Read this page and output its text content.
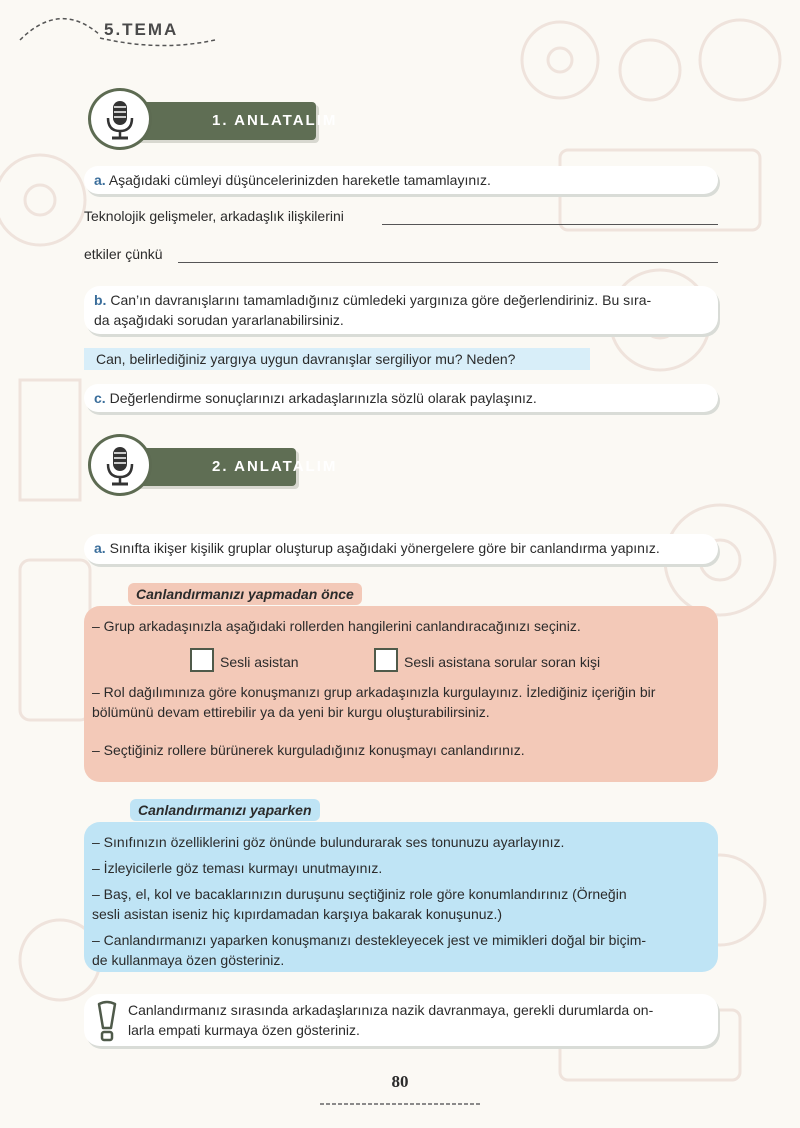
5.TEMA
1. ANLATALIM
a. Aşağıdaki cümleyi düşüncelerinizden hareketle tamamlayınız.
Teknolojik gelişmeler, arkadaşlık ilişkilerini
etkiler çünkü
b. Can’ın davranışlarını tamamladığınız cümledeki yargınıza göre değerlendiriniz. Bu sıra-
da aşağıdaki sorudan yararlanabilirsiniz.
Can, belirlediğiniz yargıya uygun davranışlar sergiliyor mu? Neden?
c. Değerlendirme sonuçlarınızı arkadaşlarınızla sözlü olarak paylaşınız.
2. ANLATALIM
a. Sınıfta ikişer kişilik gruplar oluşturup aşağıdaki yönergelere göre bir canlandırma yapınız.

– Grup arkadaşınızla aşağıdaki rollerden hangilerini canlandıracağınızı seçiniz.

Sesli asistan	Sesli asistana sorular soran kişi

– Rol dağılımınıza göre konuşmanızı grup arkadaşınızla kurgulayınız. İzlediğiniz içeriğin bir
bölümünü devam ettirebilir ya da yeni bir kurgu oluşturabilirsiniz.

– Seçtiğiniz rollere bürünerek kurguladığınız konuşmayı canlandırınız.

Canlandırmanızı yapmadan önce

– Sınıfınızın özelliklerini göz önünde bulundurarak ses tonunuzu ayarlayınız.

– İzleyicilerle göz teması kurmayı unutmayınız.

– Baş, el, kol ve bacaklarınızın duruşunu seçtiğiniz role göre konumlandırınız (Örneğin
sesli asistan iseniz hiç kıpırdamadan karşıya bakarak konuşunuz.)

– Canlandırmanızı yaparken konuşmanızı destekleyecek jest ve mimikleri doğal bir biçim-
de kullanmaya özen gösteriniz.

Canlandırmanızı yaparken

Canlandırmanız sırasında arkadaşlarınıza nazik davranmaya, gerekli durumlarda on-
larla empati kurmaya özen gösteriniz.

80
